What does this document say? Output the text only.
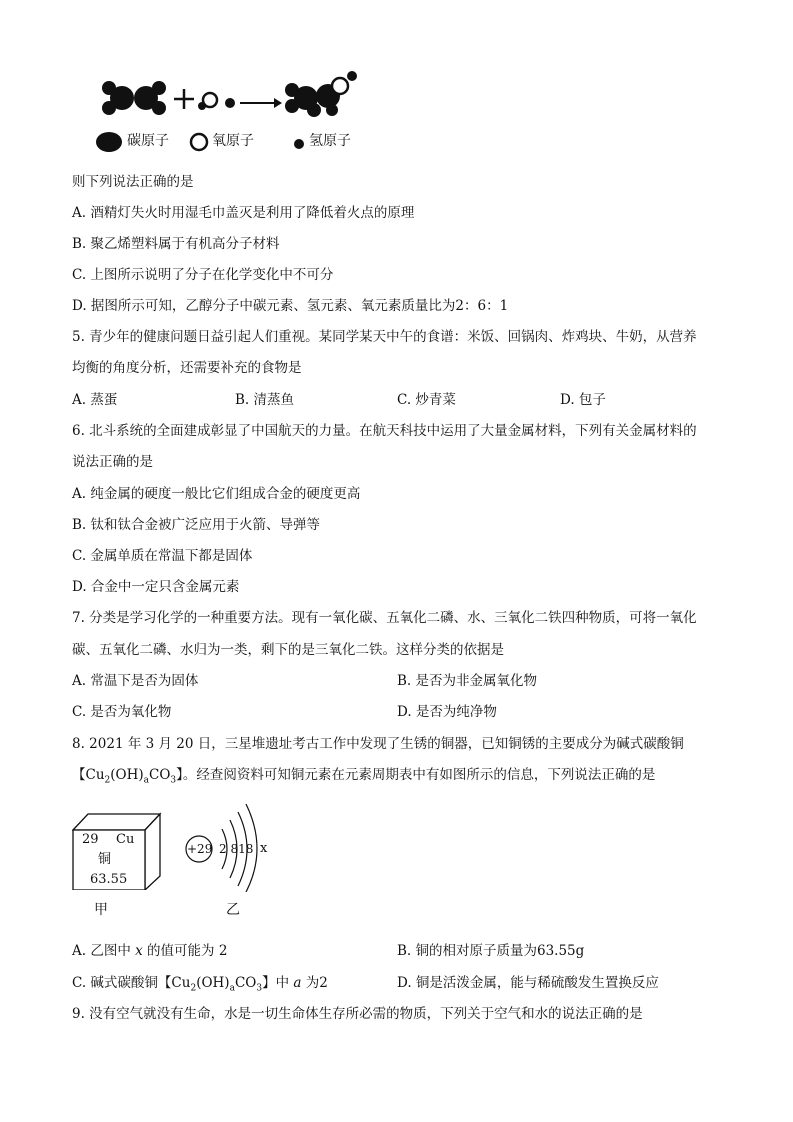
碳原子	氧原子	氢原子
则下列说法正确的是
A. 酒精灯失火时用湿毛巾盖灭是利用了降低着火点的原理
B. 聚乙烯塑料属于有机高分子材料
C. 上图所示说明了分子在化学变化中不可分
D. 据图所示可知，乙醇分子中碳元素、氢元素、氧元素质量比为2：6：1
5. 青少年的健康问题日益引起人们重视。某同学某天中午的食谱：米饭、回锅肉、炸鸡块、牛奶，从营养
均衡的角度分析，还需要补充的食物是
A. 蒸蛋	B. 清蒸鱼	C. 炒青菜	D. 包子
6. 北斗系统的全面建成彰显了中国航天的力量。在航天科技中运用了大量金属材料，下列有关金属材料的
说法正确的是
A. 纯金属的硬度一般比它们组成合金的硬度更高
B. 钛和钛合金被广泛应用于火箭、导弹等
C. 金属单质在常温下都是固体
D. 合金中一定只含金属元素
7. 分类是学习化学的一种重要方法。现有一氧化碳、五氧化二磷、水、三氧化二铁四种物质，可将一氧化
碳、五氧化二磷、水归为一类，剩下的是三氧化二铁。这样分类的依据是
A. 常温下是否为固体	B. 是否为非金属氧化物
C. 是否为氧化物	D. 是否为纯净物
8. 2021 年 3 月 20 日，三星堆遗址考古工作中发现了生锈的铜器，已知铜锈的主要成分为碱式碳酸铜
【$Cu_2(OH)_aCO_3$】。经查阅资料可知铜元素在元素周期表中有如图所示的信息，下列说法正确的是
29 Cu
铜
63.55
甲
+29 2 818 x
乙
A. 乙图中 x 的值可能为 2	B. 铜的相对原子质量为63.55g
C. 碱式碳酸铜【$Cu_2(OH)_aCO_3$】中 a 为2	D. 铜是活泼金属，能与稀硫酸发生置换反应
9. 没有空气就没有生命，水是一切生命体生存所必需的物质，下列关于空气和水的说法正确的是
